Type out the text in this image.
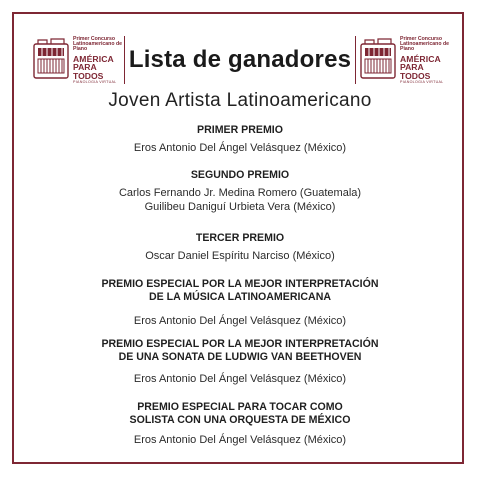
Primer Concurso
Latinoamericano de Piano
AMÉRICA
PARA TODOS
PIANOLOGIA VIRTUAL
Lista de ganadores
Primer Concurso
Latinoamericano de Piano
AMÉRICA
PARA TODOS
PIANOLOGIA VIRTUAL
Joven Artista Latinoamericano
PRIMER PREMIO
Eros Antonio Del Ángel Velásquez (México)
SEGUNDO PREMIO
Carlos Fernando Jr. Medina Romero (Guatemala)
Guilibeu Daniguí Urbieta Vera (México)
TERCER PREMIO
Oscar Daniel Espíritu Narciso (México)
PREMIO ESPECIAL POR LA MEJOR INTERPRETACIÓN
DE LA MÚSICA LATINOAMERICANA
Eros Antonio Del Ángel Velásquez (México)
PREMIO ESPECIAL POR LA MEJOR INTERPRETACIÓN
DE UNA SONATA DE LUDWIG VAN BEETHOVEN
Eros Antonio Del Ángel Velásquez (México)
PREMIO ESPECIAL PARA TOCAR COMO
SOLISTA CON UNA ORQUESTA DE MÉXICO
Eros Antonio Del Ángel Velásquez (México)
